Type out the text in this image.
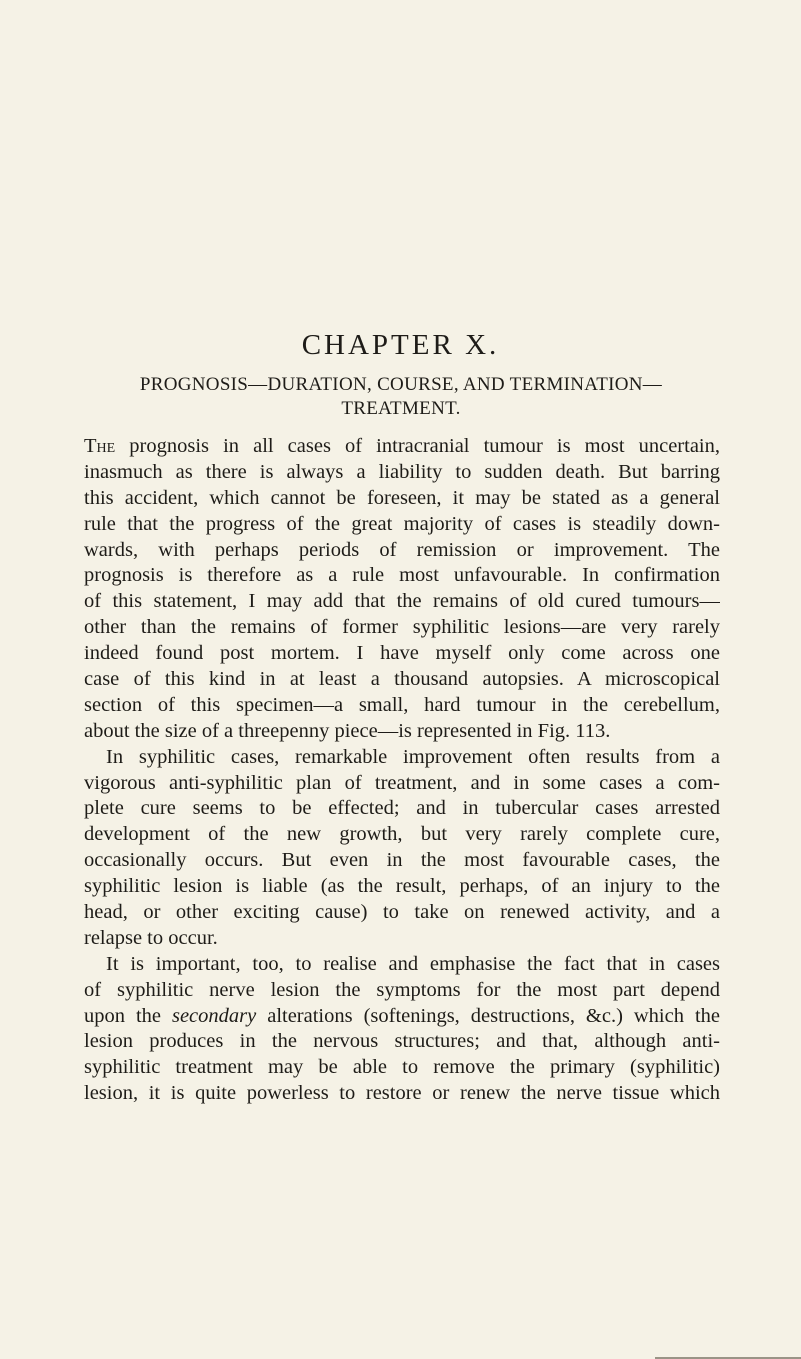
CHAPTER X.
PROGNOSIS—DURATION, COURSE, AND TERMINATION—
TREATMENT.
The prognosis in all cases of intracranial tumour is most uncertain,
inasmuch as there is always a liability to sudden death. But barring
this accident, which cannot be foreseen, it may be stated as a general
rule that the progress of the great majority of cases is steadily down-
wards, with perhaps periods of remission or improvement. The
prognosis is therefore as a rule most unfavourable. In confirmation
of this statement, I may add that the remains of old cured tumours—
other than the remains of former syphilitic lesions—are very rarely
indeed found post mortem. I have myself only come across one
case of this kind in at least a thousand autopsies. A microscopical
section of this specimen—a small, hard tumour in the cerebellum,
about the size of a threepenny piece—is represented in Fig. 113.
In syphilitic cases, remarkable improvement often results from a
vigorous anti-syphilitic plan of treatment, and in some cases a com-
plete cure seems to be effected; and in tubercular cases arrested
development of the new growth, but very rarely complete cure,
occasionally occurs. But even in the most favourable cases, the
syphilitic lesion is liable (as the result, perhaps, of an injury to the
head, or other exciting cause) to take on renewed activity, and a
relapse to occur.
It is important, too, to realise and emphasise the fact that in cases
of syphilitic nerve lesion the symptoms for the most part depend
upon the secondary alterations (softenings, destructions, &c.) which the
lesion produces in the nervous structures; and that, although anti-
syphilitic treatment may be able to remove the primary (syphilitic)
lesion, it is quite powerless to restore or renew the nerve tissue which
